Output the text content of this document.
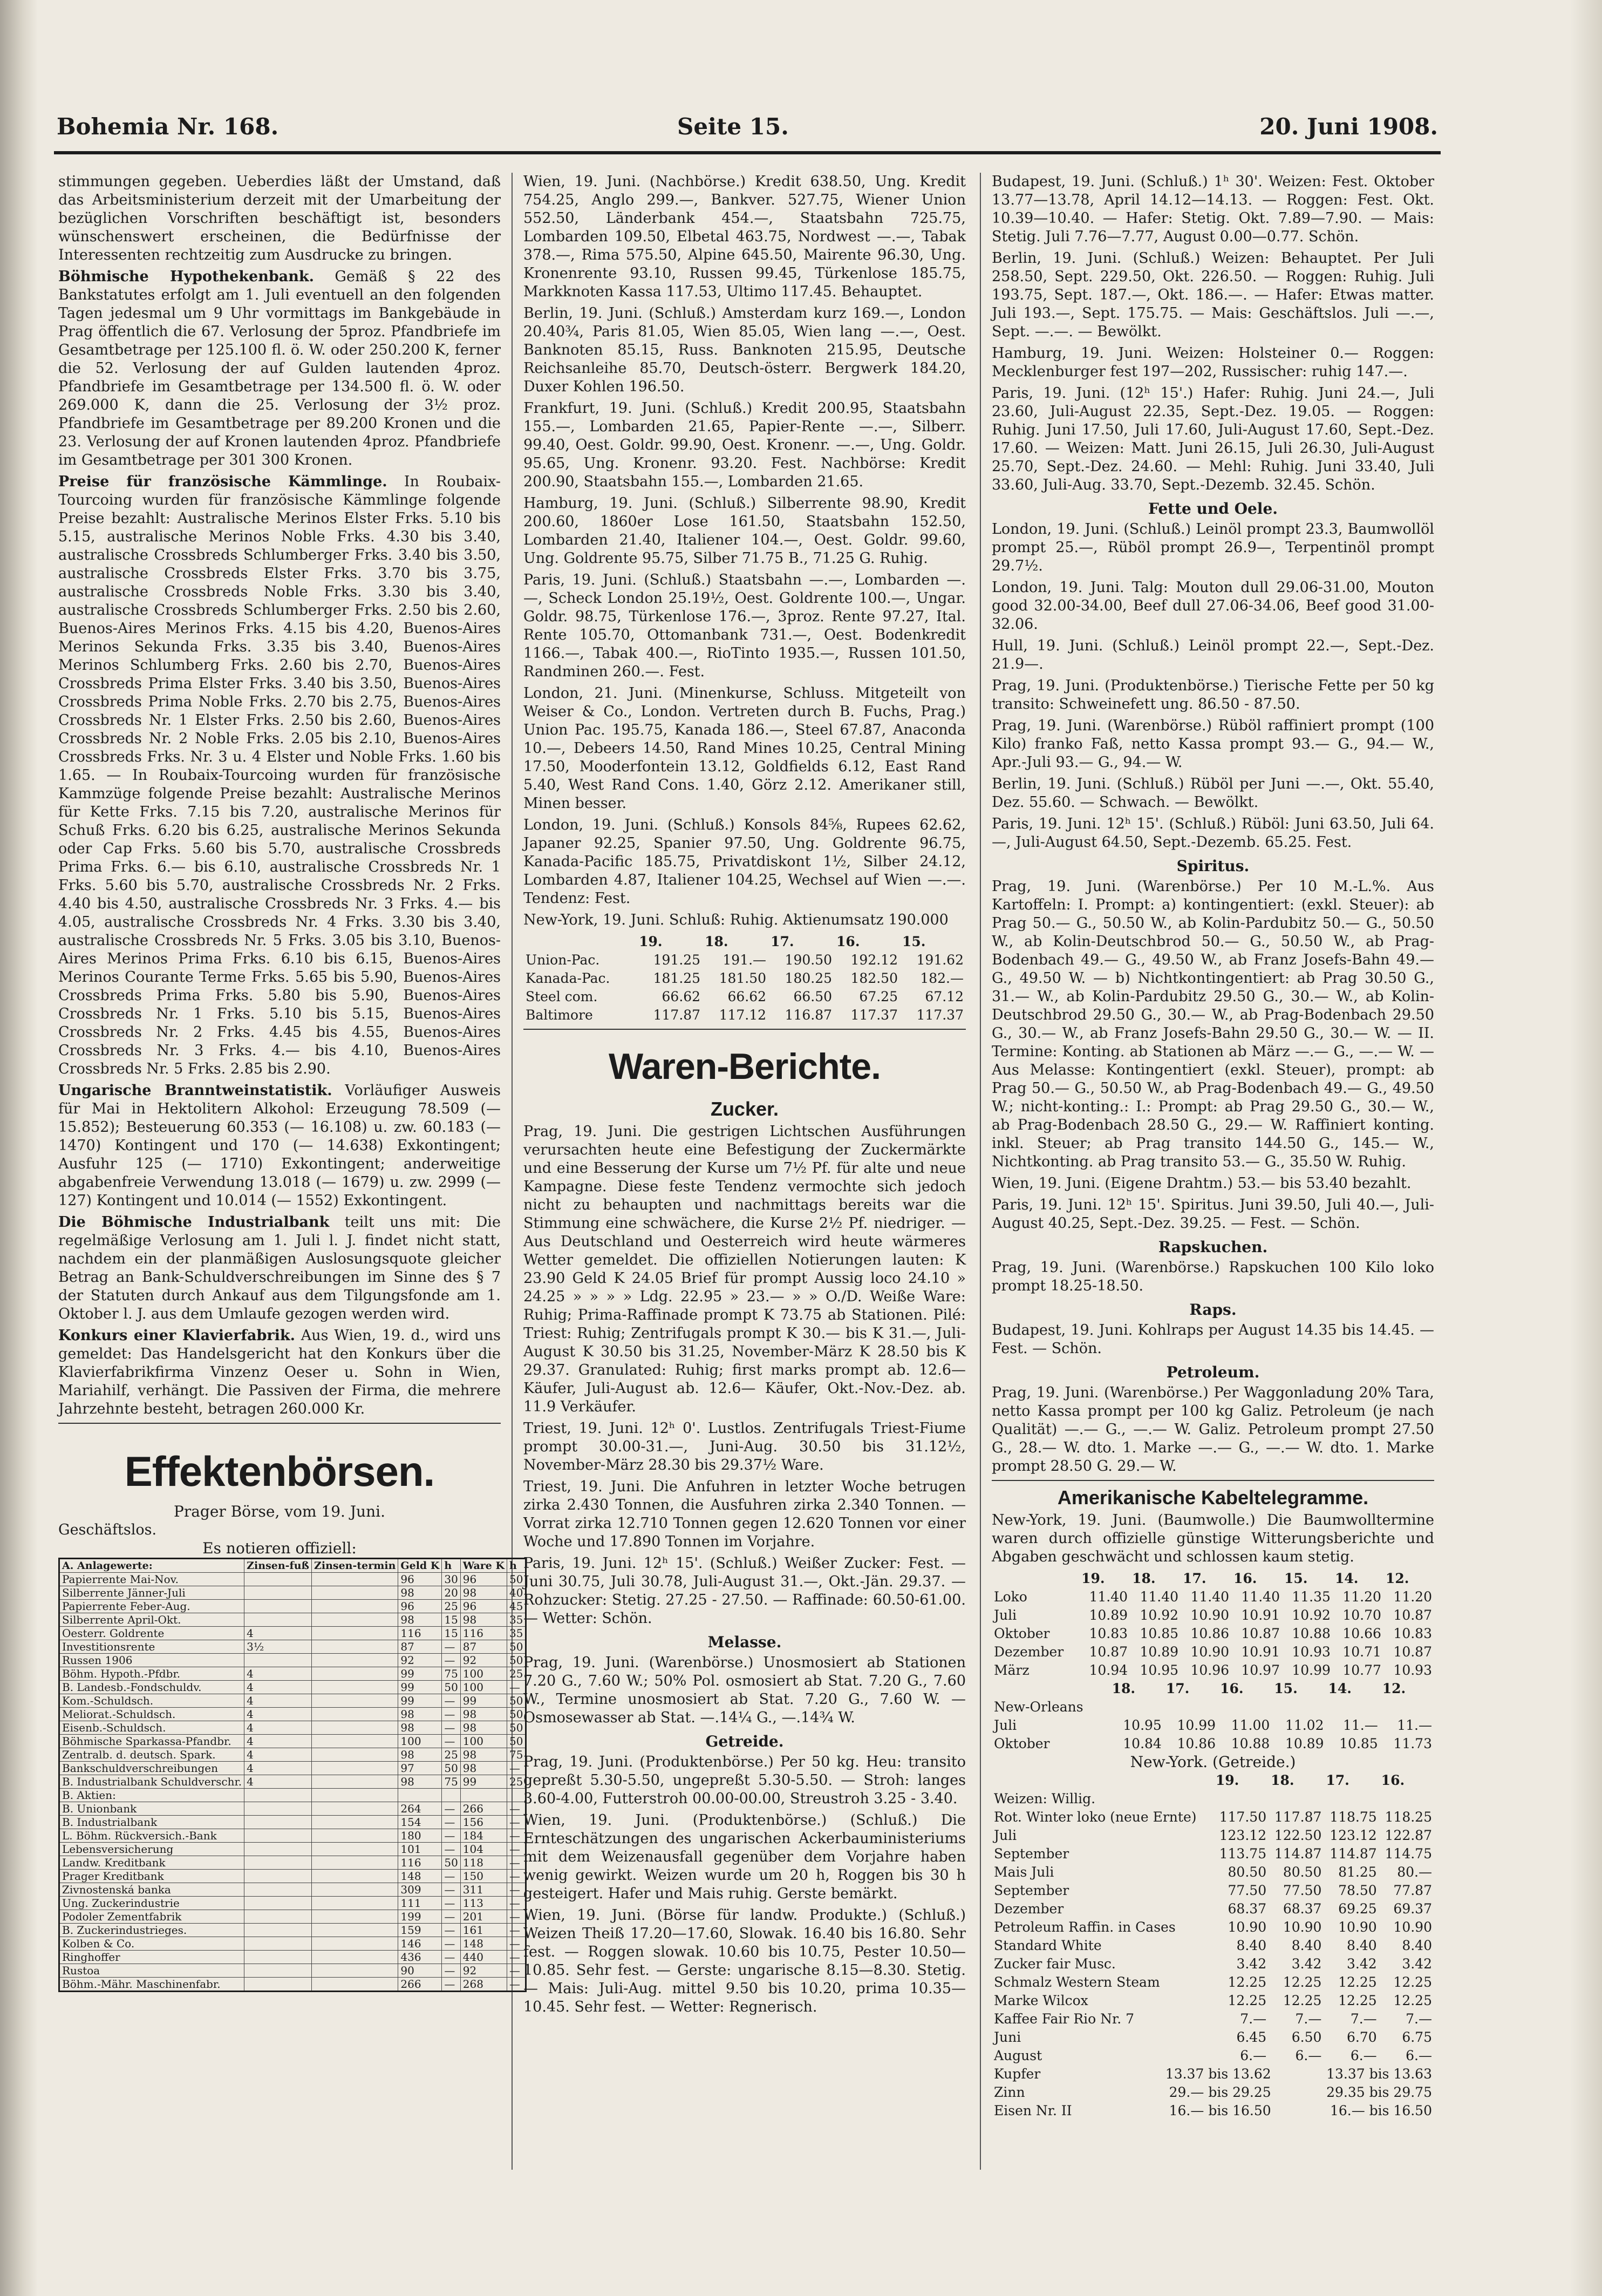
Bohemia Nr. 168.	Seite 15.	20. Juni 1908.

stimmungen gegeben. Ueberdies läßt der Umstand, daß das Arbeitsministerium derzeit mit der Umarbeitung der bezüglichen Vorschriften beschäftigt ist, besonders wünschenswert erscheinen, die Bedürfnisse der Interessenten rechtzeitig zum Ausdrucke zu bringen.

Böhmische Hypothekenbank. Gemäß § 22 des Bankstatutes erfolgt am 1. Juli eventuell an den folgenden Tagen jedesmal um 9 Uhr vormittags im Bankgebäude in Prag öffentlich die 67. Verlosung der 5proz. Pfandbriefe im Gesamtbetrage per 125.100 fl. ö. W. oder 250.200 K, ferner die 52. Verlosung der auf Gulden lautenden 4proz. Pfandbriefe im Gesamtbetrage per 134.500 fl. ö. W. oder 269.000 K, dann die 25. Verlosung der 3½ proz. Pfandbriefe im Gesamtbetrage per 89.200 Kronen und die 23. Verlosung der auf Kronen lautenden 4proz. Pfandbriefe im Gesamtbetrage per 301 300 Kronen.

Preise für französische Kämmlinge. In Roubaix-Tourcoing wurden für französische Kämmlinge folgende Preise bezahlt: Australische Merinos Elster Frks. 5.10 bis 5.15, australische Merinos Noble Frks. 4.30 bis 3.40, australische Crossbreds Schlumberger Frks. 3.40 bis 3.50, australische Crossbreds Elster Frks. 3.70 bis 3.75, australische Crossbreds Noble Frks. 3.30 bis 3.40, australische Crossbreds Schlumberger Frks. 2.50 bis 2.60, Buenos-Aires Merinos Frks. 4.15 bis 4.20, Buenos-Aires Merinos Sekunda Frks. 3.35 bis 3.40, Buenos-Aires Merinos Schlumberg Frks. 2.60 bis 2.70, Buenos-Aires Crossbreds Prima Elster Frks. 3.40 bis 3.50, Buenos-Aires Crossbreds Prima Noble Frks. 2.70 bis 2.75, Buenos-Aires Crossbreds Nr. 1 Elster Frks. 2.50 bis 2.60, Buenos-Aires Crossbreds Nr. 2 Noble Frks. 2.05 bis 2.10, Buenos-Aires Crossbreds Frks. Nr. 3 u. 4 Elster und Noble Frks. 1.60 bis 1.65. — In Roubaix-Tourcoing wurden für französische Kammzüge folgende Preise bezahlt: Australische Merinos für Kette Frks. 7.15 bis 7.20, australische Merinos für Schuß Frks. 6.20 bis 6.25, australische Merinos Sekunda oder Cap Frks. 5.60 bis 5.70, australische Crossbreds Prima Frks. 6.— bis 6.10, australische Crossbreds Nr. 1 Frks. 5.60 bis 5.70, australische Crossbreds Nr. 2 Frks. 4.40 bis 4.50, australische Crossbreds Nr. 3 Frks. 4.— bis 4.05, australische Crossbreds Nr. 4 Frks. 3.30 bis 3.40, australische Crossbreds Nr. 5 Frks. 3.05 bis 3.10, Buenos-Aires Merinos Prima Frks. 6.10 bis 6.15, Buenos-Aires Merinos Courante Terme Frks. 5.65 bis 5.90, Buenos-Aires Crossbreds Prima Frks. 5.80 bis 5.90, Buenos-Aires Crossbreds Nr. 1 Frks. 5.10 bis 5.15, Buenos-Aires Crossbreds Nr. 2 Frks. 4.45 bis 4.55, Buenos-Aires Crossbreds Nr. 3 Frks. 4.— bis 4.10, Buenos-Aires Crossbreds Nr. 5 Frks. 2.85 bis 2.90.

Ungarische Branntweinstatistik. Vorläufiger Ausweis für Mai in Hektolitern Alkohol: Erzeugung 78.509 (— 15.852); Besteuerung 60.353 (— 16.108) u. zw. 60.183 (— 1470) Kontingent und 170 (— 14.638) Exkontingent; Ausfuhr 125 (— 1710) Exkontingent; anderweitige abgabenfreie Verwendung 13.018 (— 1679) u. zw. 2999 (— 127) Kontingent und 10.014 (— 1552) Exkontingent.

Die Böhmische Industrialbank teilt uns mit: Die regelmäßige Verlosung am 1. Juli l. J. findet nicht statt, nachdem ein der planmäßigen Auslosungsquote gleicher Betrag an Bank-Schuldverschreibungen im Sinne des § 7 der Statuten durch Ankauf aus dem Tilgungsfonde am 1. Oktober l. J. aus dem Umlaufe gezogen werden wird.

Konkurs einer Klavierfabrik. Aus Wien, 19. d., wird uns gemeldet: Das Handelsgericht hat den Konkurs über die Klavierfabrikfirma Vinzenz Oeser u. Sohn in Wien, Mariahilf, verhängt. Die Passiven der Firma, die mehrere Jahrzehnte besteht, betragen 260.000 Kr.

Effektenbörsen.
Prager Börse, vom 19. Juni.
Geschäftslos.
Es notieren offiziell:
A. Anlagewerte:	Zinsen-fuß	Zinsen-termin	Geld K	h	Ware K	h
Papierrente Mai-Nov.			96	30	96	50
Silberrente Jänner-Juli			98	20	98	40
Papierrente Feber-Aug.			96	25	96	45
Silberrente April-Okt.			98	15	98	35
Oesterr. Goldrente	4		116	15	116	35
Investitionsrente	3½		87	—	87	50
Russen 1906			92	—	92	50
Böhm. Hypoth.-Pfdbr.	4		99	75	100	25
B. Landesb.-Fondschuldv.	4		99	50	100	—
Kom.-Schuldsch.	4		99	—	99	50
Meliorat.-Schuldsch.	4		98	—	98	50
Eisenb.-Schuldsch.	4		98	—	98	50
Böhmische Sparkassa-Pfandbr.	4		100	—	100	50
Zentralb. d. deutsch. Spark.	4		98	25	98	75
Bankschuldverschreibungen	4		97	50	98	—
B. Industrialbank Schuldverschr.	4		98	75	99	25
B. Aktien:						
B. Unionbank			264	—	266	—
B. Industrialbank			154	—	156	—
L. Böhm. Rückversich.-Bank			180	—	184	—
Lebensversicherung			101	—	104	—
Landw. Kreditbank			116	50	118	—
Prager Kreditbank			148	—	150	—
Zivnostenská banka			309	—	311	—
Ung. Zuckerindustrie			111	—	113	—
Podoler Zementfabrik			199	—	201	—
B. Zuckerindustrieges.			159	—	161	—
Kolben & Co.			146	—	148	—
Ringhoffer			436	—	440	—
Rustoa			90	—	92	—
Böhm.-Mähr. Maschinenfabr.			266	—	268	—

Wien, 19. Juni. (Nachbörse.) Kredit 638.50, Ung. Kredit 754.25, Anglo 299.—, Bankver. 527.75, Wiener Union 552.50, Länderbank 454.—, Staatsbahn 725.75, Lombarden 109.50, Elbetal 463.75, Nordwest —.—, Tabak 378.—, Rima 575.50, Alpine 645.50, Mairente 96.30, Ung. Kronenrente 93.10, Russen 99.45, Türkenlose 185.75, Markknoten Kassa 117.53, Ultimo 117.45. Behauptet.

Berlin, 19. Juni. (Schluß.) Amsterdam kurz 169.—, London 20.40¾, Paris 81.05, Wien 85.05, Wien lang —.—, Oest. Banknoten 85.15, Russ. Banknoten 215.95, Deutsche Reichsanleihe 85.70, Deutsch-österr. Bergwerk 184.20, Duxer Kohlen 196.50.

Frankfurt, 19. Juni. (Schluß.) Kredit 200.95, Staatsbahn 155.—, Lombarden 21.65, Papier-Rente —.—, Silberr. 99.40, Oest. Goldr. 99.90, Oest. Kronenr. —.—, Ung. Goldr. 95.65, Ung. Kronenr. 93.20. Fest. Nachbörse: Kredit 200.90, Staatsbahn 155.—, Lombarden 21.65.

Hamburg, 19. Juni. (Schluß.) Silberrente 98.90, Kredit 200.60, 1860er Lose 161.50, Staatsbahn 152.50, Lombarden 21.40, Italiener 104.—, Oest. Goldr. 99.60, Ung. Goldrente 95.75, Silber 71.75 B., 71.25 G. Ruhig.

Paris, 19. Juni. (Schluß.) Staatsbahn —.—, Lombarden —.—, Scheck London 25.19½, Oest. Goldrente 100.—, Ungar. Goldr. 98.75, Türkenlose 176.—, 3proz. Rente 97.27, Ital. Rente 105.70, Ottomanbank 731.—, Oest. Bodenkredit 1166.—, Tabak 400.—, RioTinto 1935.—, Russen 101.50, Randminen 260.—. Fest.

London, 21. Juni. (Minenkurse, Schluss. Mitgeteilt von Weiser & Co., London. Vertreten durch B. Fuchs, Prag.) Union Pac. 195.75, Kanada 186.—, Steel 67.87, Anaconda 10.—, Debeers 14.50, Rand Mines 10.25, Central Mining 17.50, Mooderfontein 13.12, Goldfields 6.12, East Rand 5.40, West Rand Cons. 1.40, Görz 2.12. Amerikaner still, Minen besser.

London, 19. Juni. (Schluß.) Konsols 84⅝, Rupees 62.62, Japaner 92.25, Spanier 97.50, Ung. Goldrente 96.75, Kanada-Pacific 185.75, Privatdiskont 1½, Silber 24.12, Lombarden 4.87, Italiener 104.25, Wechsel auf Wien —.—. Tendenz: Fest.

New-York, 19. Juni. Schluß: Ruhig. Aktienumsatz 190.000

	19.	18.	17.	16.	15.
Union-Pac.	191.25	191.—	190.50	192.12	191.62
Kanada-Pac.	181.25	181.50	180.25	182.50	182.—
Steel com.	66.62	66.62	66.50	67.25	67.12
Baltimore	117.87	117.12	116.87	117.37	117.37
Waren-Berichte.
Zucker.

Prag, 19. Juni. Die gestrigen Lichtschen Ausführungen verursachten heute eine Befestigung der Zuckermärkte und eine Besserung der Kurse um 7½ Pf. für alte und neue Kampagne. Diese feste Tendenz vermochte sich jedoch nicht zu behaupten und nachmittags bereits war die Stimmung eine schwächere, die Kurse 2½ Pf. niedriger. — Aus Deutschland und Oesterreich wird heute wärmeres Wetter gemeldet. Die offiziellen Notierungen lauten: K 23.90 Geld K 24.05 Brief für prompt Aussig loco 24.10 » 24.25 » » » » Ldg. 22.95 » 23.— » » O./D. Weiße Ware: Ruhig; Prima-Raffinade prompt K 73.75 ab Stationen. Pilé: Triest: Ruhig; Zentrifugals prompt K 30.— bis K 31.—, Juli-August K 30.50 bis 31.25, November-März K 28.50 bis K 29.37. Granulated: Ruhig; first marks prompt ab. 12.6— Käufer, Juli-August ab. 12.6— Käufer, Okt.-Nov.-Dez. ab. 11.9 Verkäufer.

Triest, 19. Juni. 12ʰ 0'. Lustlos. Zentrifugals Triest-Fiume prompt 30.00-31.—, Juni-Aug. 30.50 bis 31.12½, November-März 28.30 bis 29.37½ Ware.

Triest, 19. Juni. Die Anfuhren in letzter Woche betrugen zirka 2.430 Tonnen, die Ausfuhren zirka 2.340 Tonnen. — Vorrat zirka 12.710 Tonnen gegen 12.620 Tonnen vor einer Woche und 17.890 Tonnen im Vorjahre.

Paris, 19. Juni. 12ʰ 15'. (Schluß.) Weißer Zucker: Fest. — Juni 30.75, Juli 30.78, Juli-August 31.—, Okt.-Jän. 29.37. — Rohzucker: Stetig. 27.25 - 27.50. — Raffinade: 60.50-61.00. — Wetter: Schön.

Melasse.

Prag, 19. Juni. (Warenbörse.) Unosmosiert ab Stationen 7.20 G., 7.60 W.; 50% Pol. osmosiert ab Stat. 7.20 G., 7.60 W., Termine unosmosiert ab Stat. 7.20 G., 7.60 W. — Osmosewasser ab Stat. —.14¼ G., —.14¾ W.

Getreide.

Prag, 19. Juni. (Produktenbörse.) Per 50 kg. Heu: transito gepreßt 5.30-5.50, ungepreßt 5.30-5.50. — Stroh: langes 3.60-4.00, Futterstroh 00.00-00.00, Streustroh 3.25 - 3.40.

Wien, 19. Juni. (Produktenbörse.) (Schluß.) Die Ernteschätzungen des ungarischen Ackerbauministeriums mit dem Weizenausfall gegenüber dem Vorjahre haben wenig gewirkt. Weizen wurde um 20 h, Roggen bis 30 h gesteigert. Hafer und Mais ruhig. Gerste bemärkt.

Wien, 19. Juni. (Börse für landw. Produkte.) (Schluß.) Weizen Theiß 17.20—17.60, Slowak. 16.40 bis 16.80. Sehr fest. — Roggen slowak. 10.60 bis 10.75, Pester 10.50—10.85. Sehr fest. — Gerste: ungarische 8.15—8.30. Stetig. — Mais: Juli-Aug. mittel 9.50 bis 10.20, prima 10.35—10.45. Sehr fest. — Wetter: Regnerisch.

Budapest, 19. Juni. (Schluß.) 1ʰ 30'. Weizen: Fest. Oktober 13.77—13.78, April 14.12—14.13. — Roggen: Fest. Okt. 10.39—10.40. — Hafer: Stetig. Okt. 7.89—7.90. — Mais: Stetig. Juli 7.76—7.77, August 0.00—0.77. Schön.

Berlin, 19. Juni. (Schluß.) Weizen: Behauptet. Per Juli 258.50, Sept. 229.50, Okt. 226.50. — Roggen: Ruhig. Juli 193.75, Sept. 187.—, Okt. 186.—. — Hafer: Etwas matter. Juli 193.—, Sept. 175.75. — Mais: Geschäftslos. Juli —.—, Sept. —.—. — Bewölkt.

Hamburg, 19. Juni. Weizen: Holsteiner 0.— Roggen: Mecklenburger fest 197—202, Russischer: ruhig 147.—.

Paris, 19. Juni. (12ʰ 15'.) Hafer: Ruhig. Juni 24.—, Juli 23.60, Juli-August 22.35, Sept.-Dez. 19.05. — Roggen: Ruhig. Juni 17.50, Juli 17.60, Juli-August 17.60, Sept.-Dez. 17.60. — Weizen: Matt. Juni 26.15, Juli 26.30, Juli-August 25.70, Sept.-Dez. 24.60. — Mehl: Ruhig. Juni 33.40, Juli 33.60, Juli-Aug. 33.70, Sept.-Dezemb. 32.45. Schön.

Fette und Oele.

London, 19. Juni. (Schluß.) Leinöl prompt 23.3, Baumwollöl prompt 25.—, Rüböl prompt 26.9—, Terpentinöl prompt 29.7½.

London, 19. Juni. Talg: Mouton dull 29.06-31.00, Mouton good 32.00-34.00, Beef dull 27.06-34.06, Beef good 31.00-32.06.

Hull, 19. Juni. (Schluß.) Leinöl prompt 22.—, Sept.-Dez. 21.9—.

Prag, 19. Juni. (Produktenbörse.) Tierische Fette per 50 kg transito: Schweinefett ung. 86.50 - 87.50.

Prag, 19. Juni. (Warenbörse.) Rüböl raffiniert prompt (100 Kilo) franko Faß, netto Kassa prompt 93.— G., 94.— W., Apr.-Juli 93.— G., 94.— W.

Berlin, 19. Juni. (Schluß.) Rüböl per Juni —.—, Okt. 55.40, Dez. 55.60. — Schwach. — Bewölkt.

Paris, 19. Juni. 12ʰ 15'. (Schluß.) Rüböl: Juni 63.50, Juli 64.—, Juli-August 64.50, Sept.-Dezemb. 65.25. Fest.

Spiritus.

Prag, 19. Juni. (Warenbörse.) Per 10 M.-L.%. Aus Kartoffeln: I. Prompt: a) kontingentiert: (exkl. Steuer): ab Prag 50.— G., 50.50 W., ab Kolin-Pardubitz 50.— G., 50.50 W., ab Kolin-Deutschbrod 50.— G., 50.50 W., ab Prag-Bodenbach 49.— G., 49.50 W., ab Franz Josefs-Bahn 49.— G., 49.50 W. — b) Nichtkontingentiert: ab Prag 30.50 G., 31.— W., ab Kolin-Pardubitz 29.50 G., 30.— W., ab Kolin-Deutschbrod 29.50 G., 30.— W., ab Prag-Bodenbach 29.50 G., 30.— W., ab Franz Josefs-Bahn 29.50 G., 30.— W. — II. Termine: Konting. ab Stationen ab März —.— G., —.— W. — Aus Melasse: Kontingentiert (exkl. Steuer), prompt: ab Prag 50.— G., 50.50 W., ab Prag-Bodenbach 49.— G., 49.50 W.; nicht-konting.: I.: Prompt: ab Prag 29.50 G., 30.— W., ab Prag-Bodenbach 28.50 G., 29.— W. Raffiniert konting. inkl. Steuer; ab Prag transito 144.50 G., 145.— W., Nichtkonting. ab Prag transito 53.— G., 35.50 W. Ruhig.

Wien, 19. Juni. (Eigene Drahtm.) 53.— bis 53.40 bezahlt.

Paris, 19. Juni. 12ʰ 15'. Spiritus. Juni 39.50, Juli 40.—, Juli-August 40.25, Sept.-Dez. 39.25. — Fest. — Schön.

Rapskuchen.

Prag, 19. Juni. (Warenbörse.) Rapskuchen 100 Kilo loko prompt 18.25-18.50.

Raps.

Budapest, 19. Juni. Kohlraps per August 14.35 bis 14.45. — Fest. — Schön.

Petroleum.

Prag, 19. Juni. (Warenbörse.) Per Waggonladung 20% Tara, netto Kassa prompt per 100 kg Galiz. Petroleum (je nach Qualität) —.— G., —.— W. Galiz. Petroleum prompt 27.50 G., 28.— W. dto. 1. Marke —.— G., —.— W. dto. 1. Marke prompt 28.50 G. 29.— W.

Amerikanische Kabeltelegramme.

New-York, 19. Juni. (Baumwolle.) Die Baumwolltermine waren durch offizielle günstige Witterungsberichte und Abgaben geschwächt und schlossen kaum stetig.

	19.	18.	17.	16.	15.	14.	12.
Loko	11.40	11.40	11.40	11.40	11.35	11.20	11.20
Juli	10.89	10.92	10.90	10.91	10.92	10.70	10.87
Oktober	10.83	10.85	10.86	10.87	10.88	10.66	10.83
Dezember	10.87	10.89	10.90	10.91	10.93	10.71	10.87
März	10.94	10.95	10.96	10.97	10.99	10.77	10.93
	18.	17.	16.	15.	14.	12.
New-Orleans						
Juli	10.95	10.99	11.00	11.02	11.—	11.—
Oktober	10.84	10.86	10.88	10.89	10.85	11.73
New-York. (Getreide.)
	19.	18.	17.	16.
Weizen: Willig.				
Rot. Winter loko (neue Ernte)	117.50	117.87	118.75	118.25
Juli	123.12	122.50	123.12	122.87
September	113.75	114.87	114.87	114.75
Mais Juli	80.50	80.50	81.25	80.—
September	77.50	77.50	78.50	77.87
Dezember	68.37	68.37	69.25	69.37
Petroleum Raffin. in Cases	10.90	10.90	10.90	10.90
Standard White	8.40	8.40	8.40	8.40
Zucker fair Musc.	3.42	3.42	3.42	3.42
Schmalz Western Steam	12.25	12.25	12.25	12.25
Marke Wilcox	12.25	12.25	12.25	12.25
Kaffee Fair Rio Nr. 7	7.—	7.—	7.—	7.—
Juni	6.45	6.50	6.70	6.75
August	6.—	6.—	6.—	6.—
Kupfer	13.37 bis 13.62	13.37 bis 13.63
Zinn	29.— bis 29.25	29.35 bis 29.75
Eisen Nr. II	16.— bis 16.50	16.— bis 16.50
